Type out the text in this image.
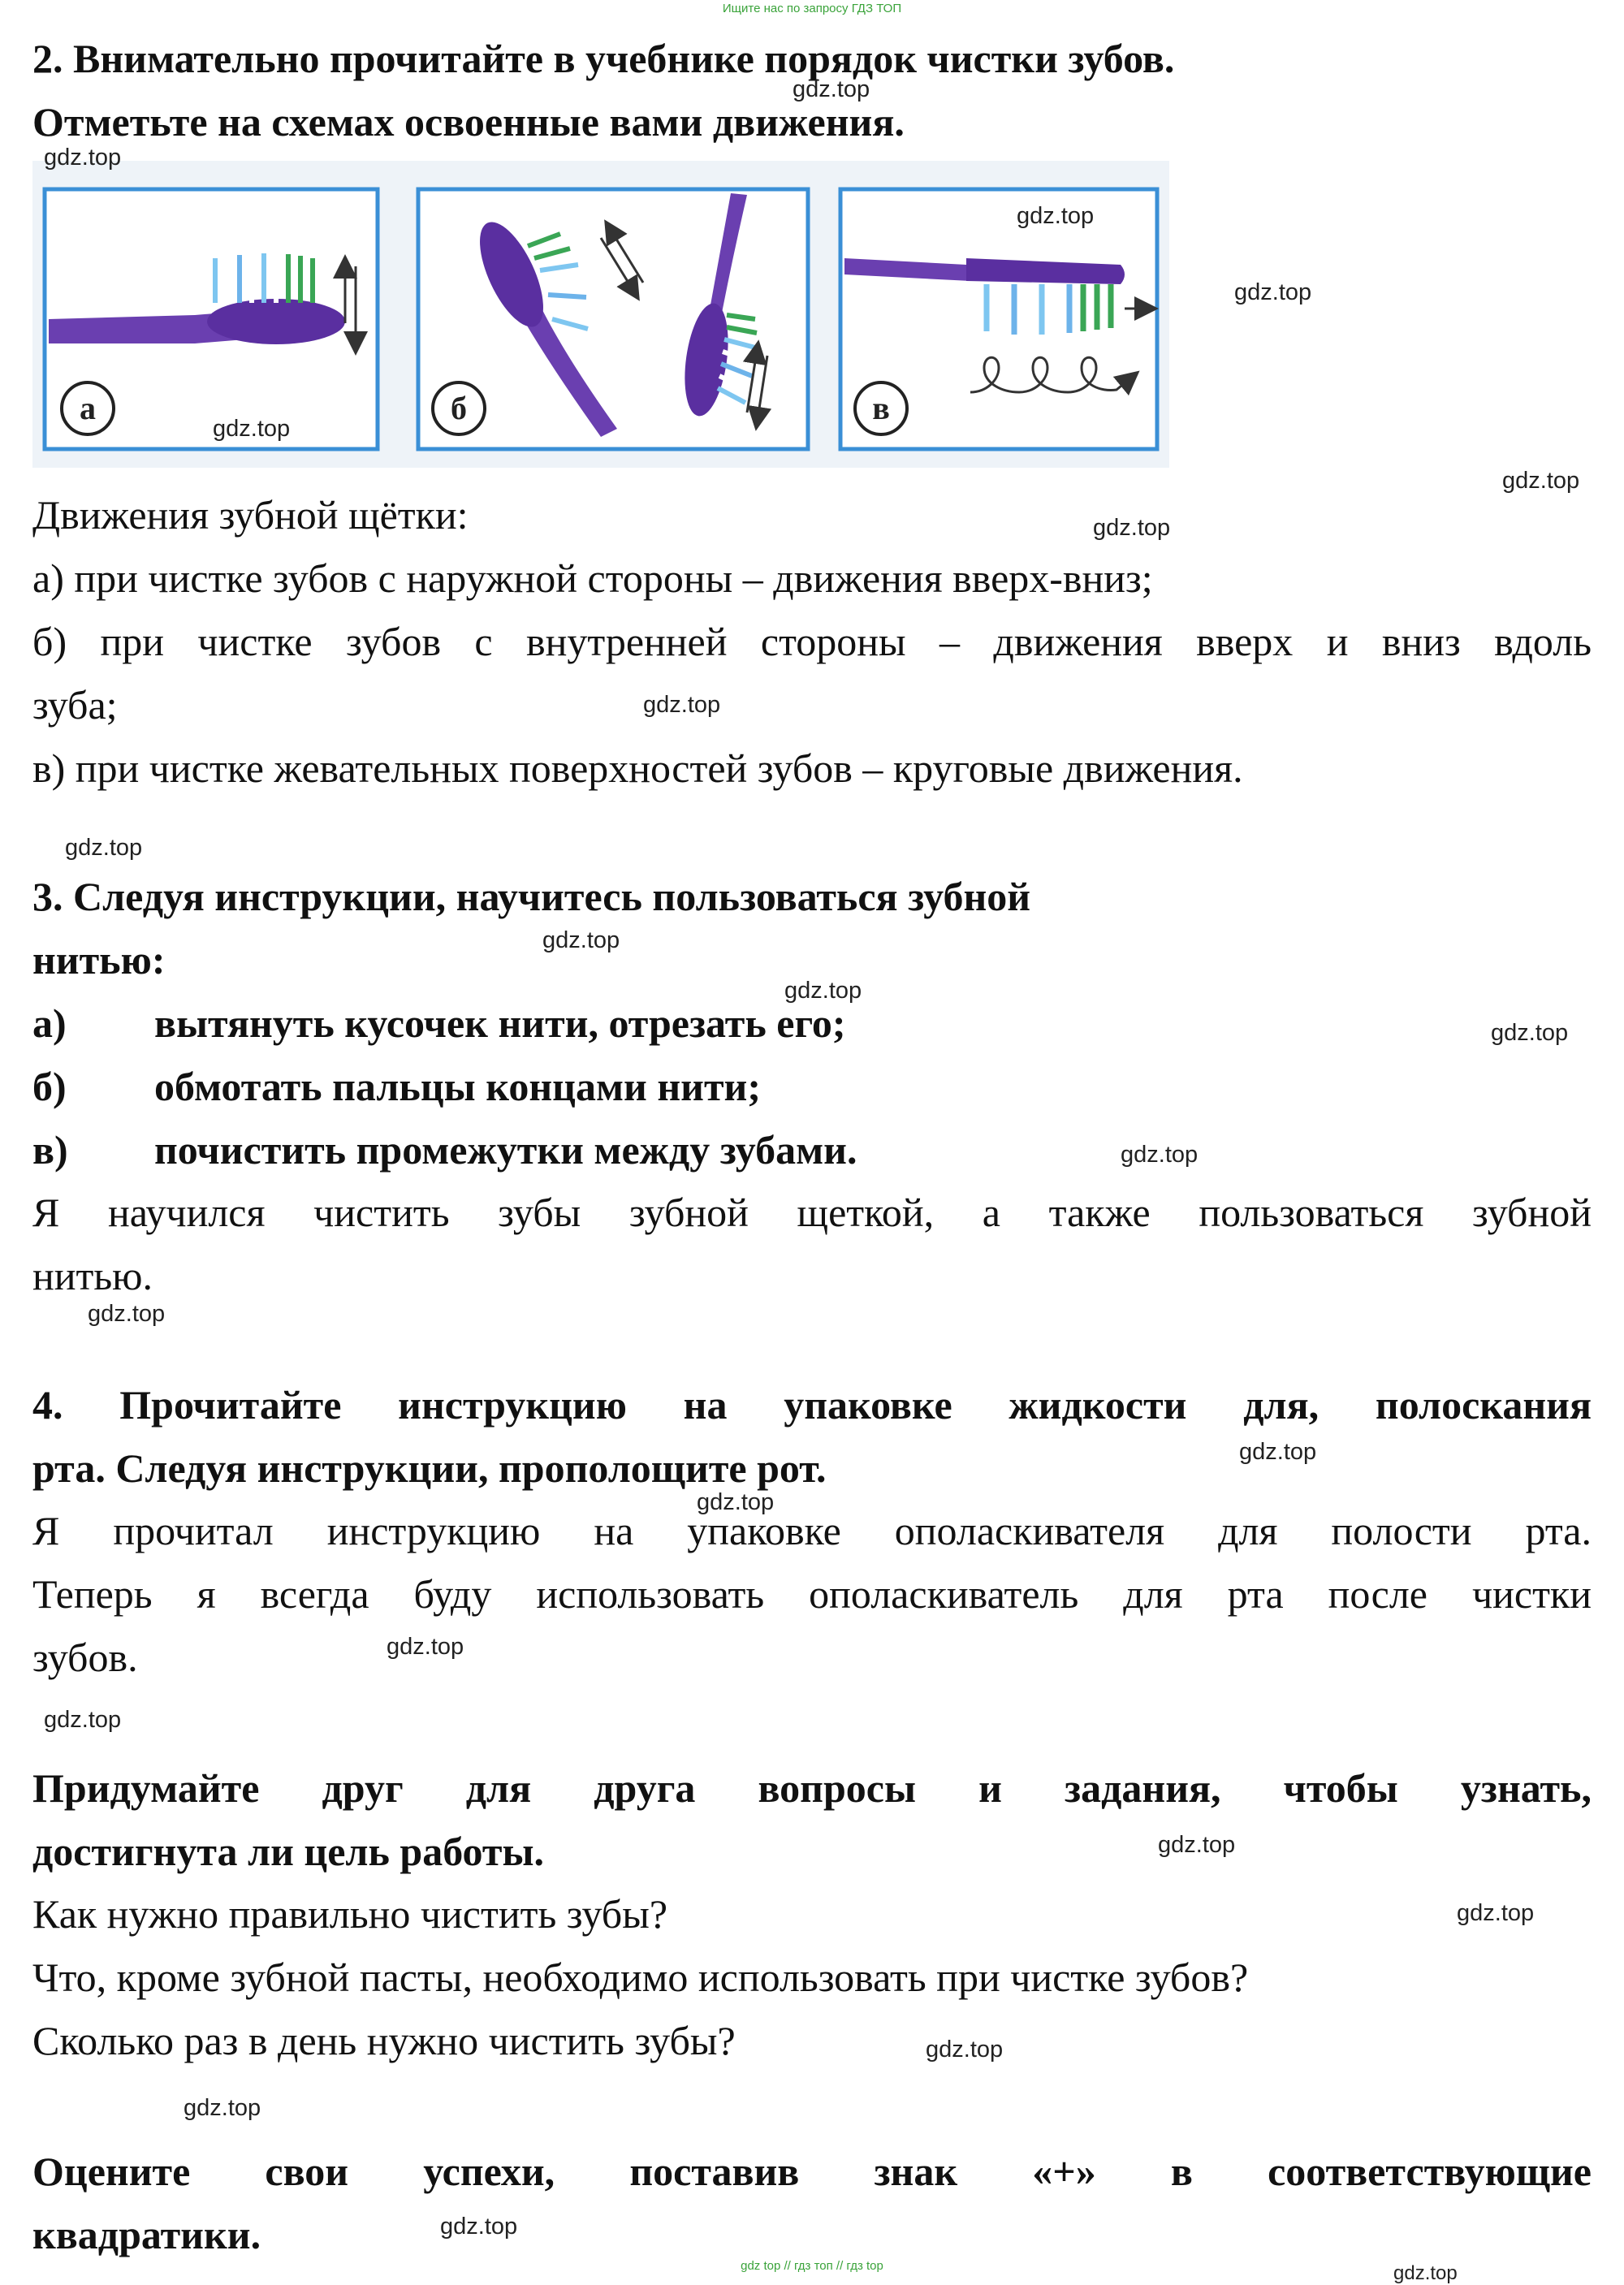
Ищите нас по запросу ГДЗ ТОП
gdz top // гдз топ // гдз top
2. Внимательно прочитайте в учебнике порядок чистки зубов.
Отметьте на схемах освоенные вами движения.
а	б	в
Движения зубной щётки:
а) при чистке зубов с наружной стороны – движения вверх-вниз;
б) при чистке зубов с внутренней стороны – движения вверх и вниз вдоль
зуба;
в) при чистке жевательных поверхностей зубов – круговые движения.
3. Следуя инструкции, научитесь пользоваться зубной
нитью:
а) вытянуть кусочек нити, отрезать его;
б) обмотать пальцы концами нити;
в) почистить промежутки между зубами.
Я научился чистить зубы зубной щеткой, а также пользоваться зубной
нитью.
4. Прочитайте инструкцию на упаковке жидкости для, полоскания
рта. Следуя инструкции, прополощите рот.
Я прочитал инструкцию на упаковке ополаскивателя для полости рта.
Теперь я всегда буду использовать ополаскиватель для рта после чистки
зубов.
Придумайте друг для друга вопросы и задания, чтобы узнать,
достигнута ли цель работы.
Как нужно правильно чистить зубы?
Что, кроме зубной пасты, необходимо использовать при чистке зубов?
Сколько раз в день нужно чистить зубы?
Оцените свои успехи, поставив знак «+» в соответствующие
квадратики.
gdz.top
gdz.top
gdz.top
gdz.top
gdz.top
gdz.top
gdz.top
gdz.top
gdz.top
gdz.top
gdz.top
gdz.top
gdz.top
gdz.top
gdz.top
gdz.top
gdz.top
gdz.top
gdz.top
gdz.top
gdz.top
gdz.top
gdz.top
gdz.top
